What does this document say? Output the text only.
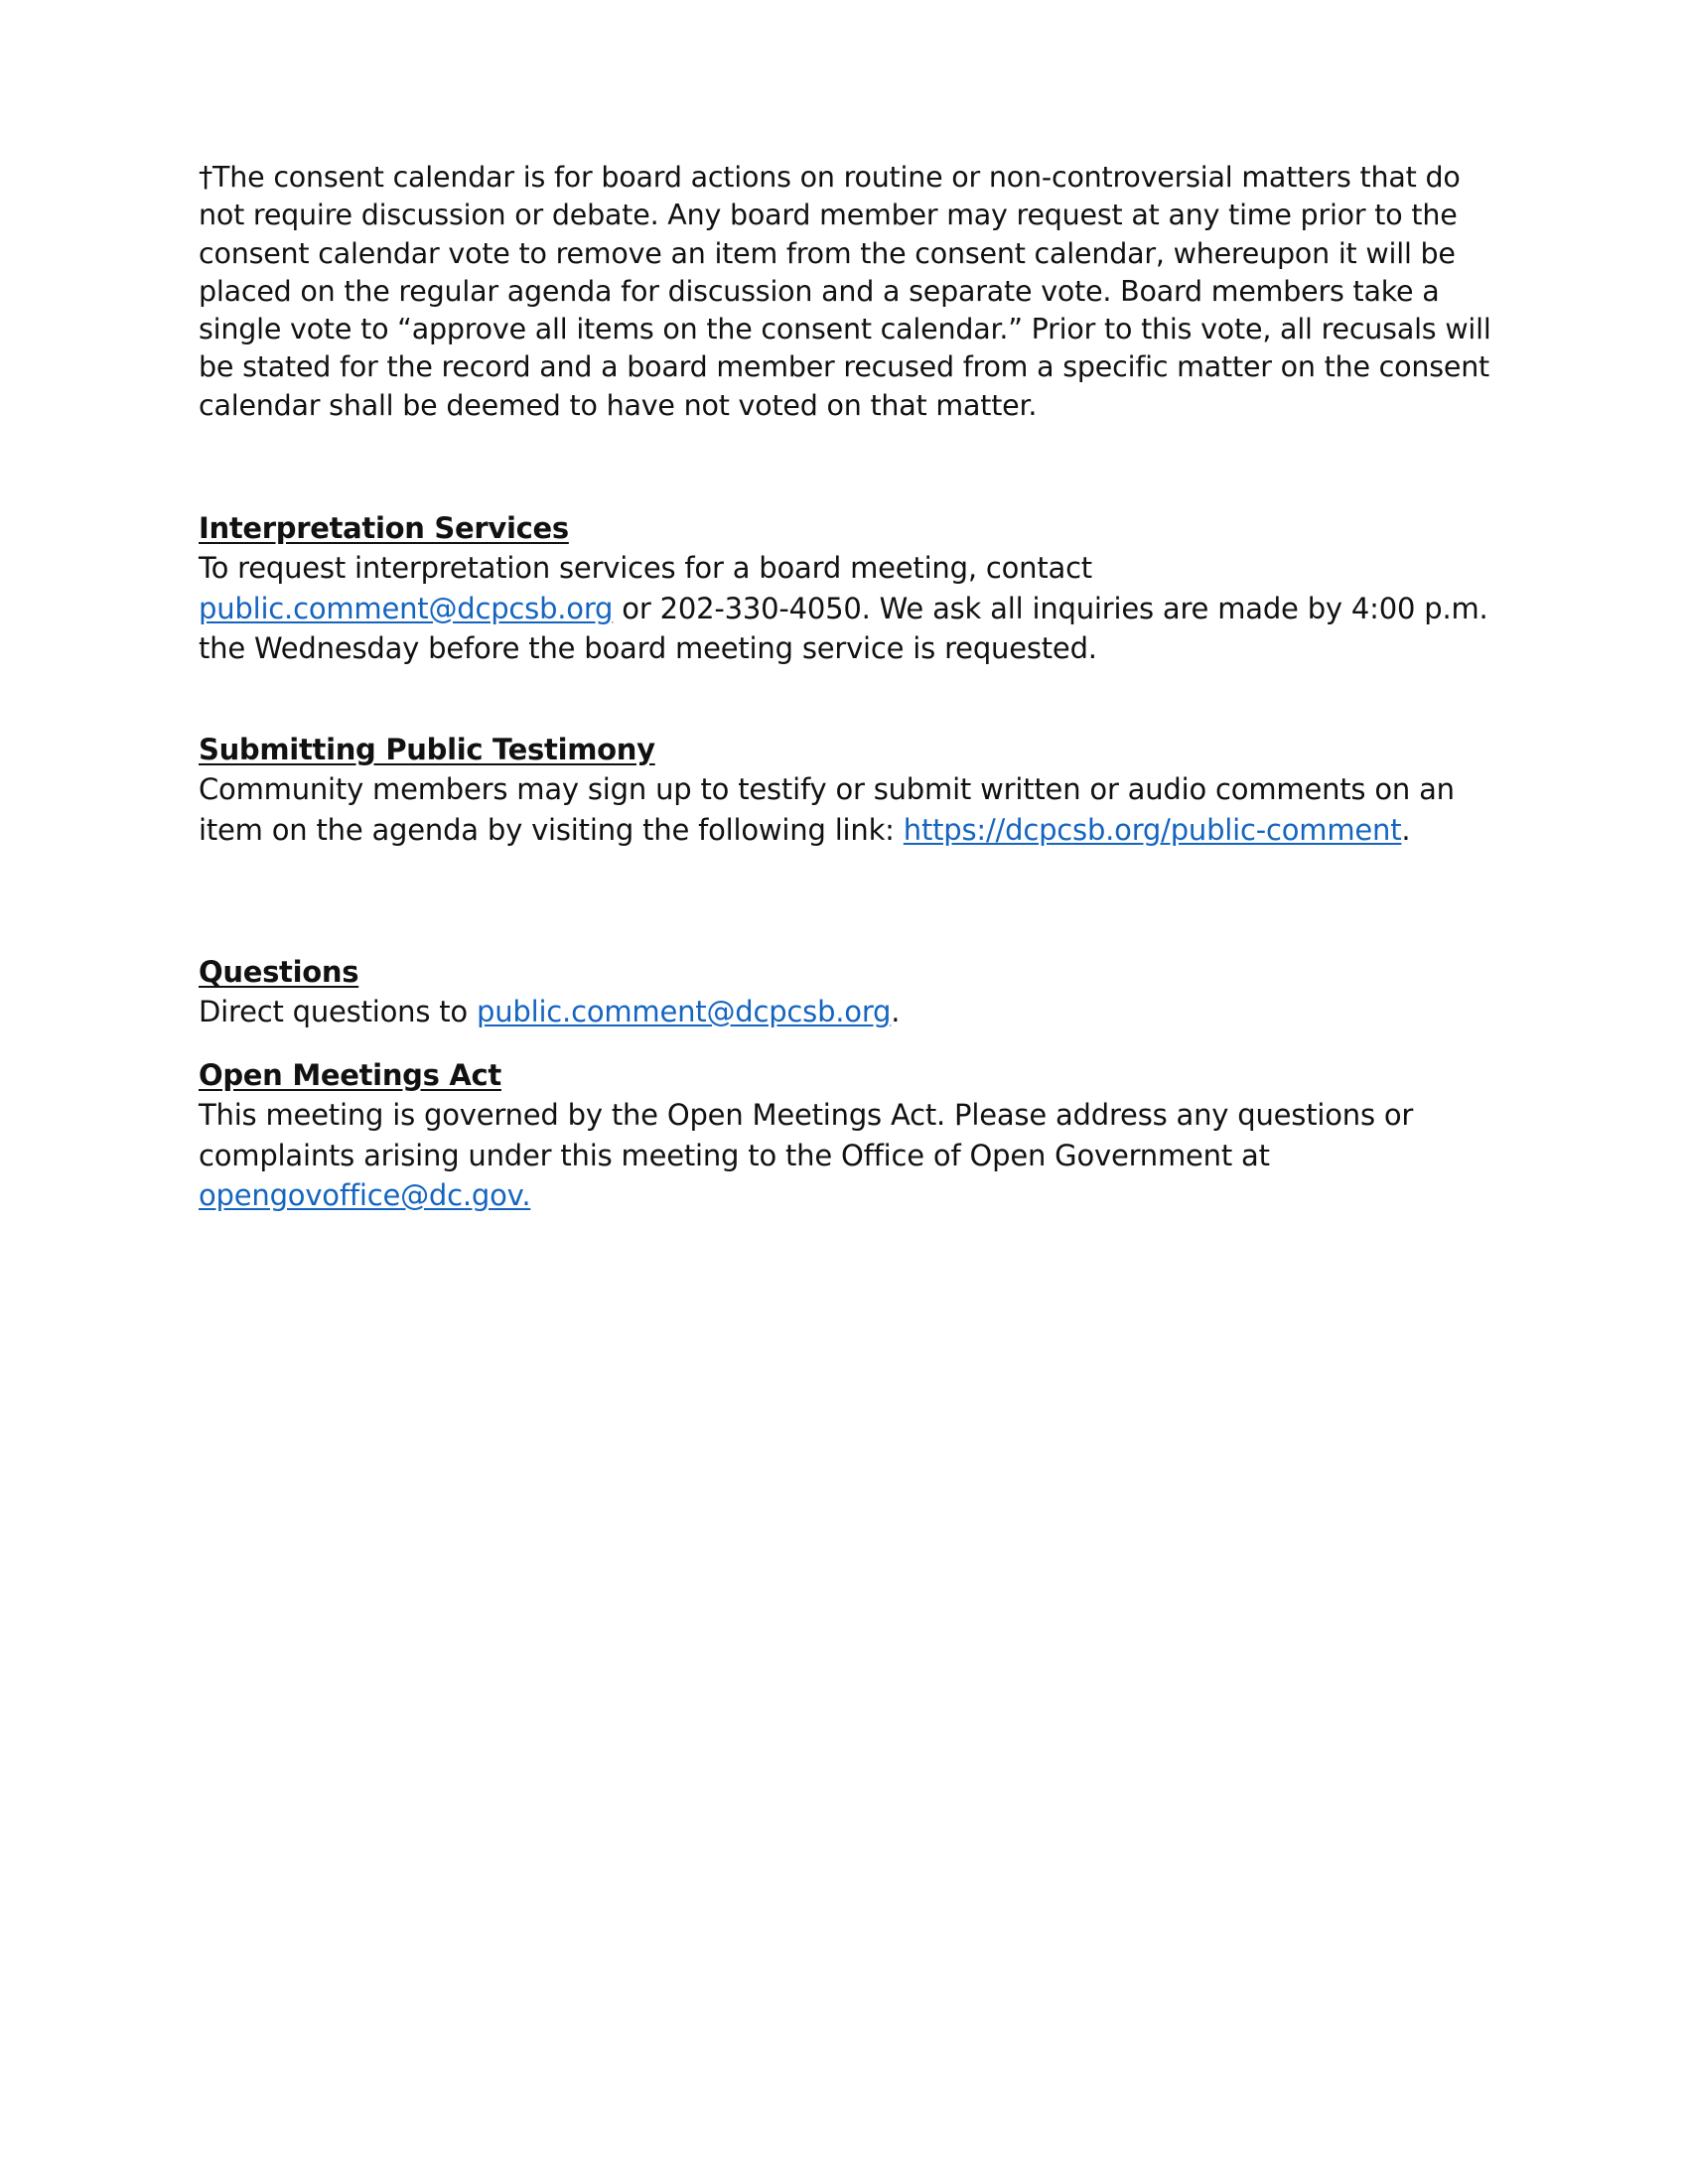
†The consent calendar is for board actions on routine or non-controversial matters that do not require discussion or debate. Any board member may request at any time prior to the consent calendar vote to remove an item from the consent calendar, whereupon it will be placed on the regular agenda for discussion and a separate vote. Board members take a single vote to “approve all items on the consent calendar.” Prior to this vote, all recusals will be stated for the record and a board member recused from a specific matter on the consent calendar shall be deemed to have not voted on that matter.

Interpretation Services

To request interpretation services for a board meeting, contact public.comment@dcpcsb.org or 202-330-4050. We ask all inquiries are made by 4:00 p.m. the Wednesday before the board meeting service is requested.

Submitting Public Testimony

Community members may sign up to testify or submit written or audio comments on an item on the agenda by visiting the following link: https://dcpcsb.org/public-comment.

Questions

Direct questions to public.comment@dcpcsb.org.

Open Meetings Act

This meeting is governed by the Open Meetings Act. Please address any questions or complaints arising under this meeting to the Office of Open Government at opengovoffice@dc.gov.
